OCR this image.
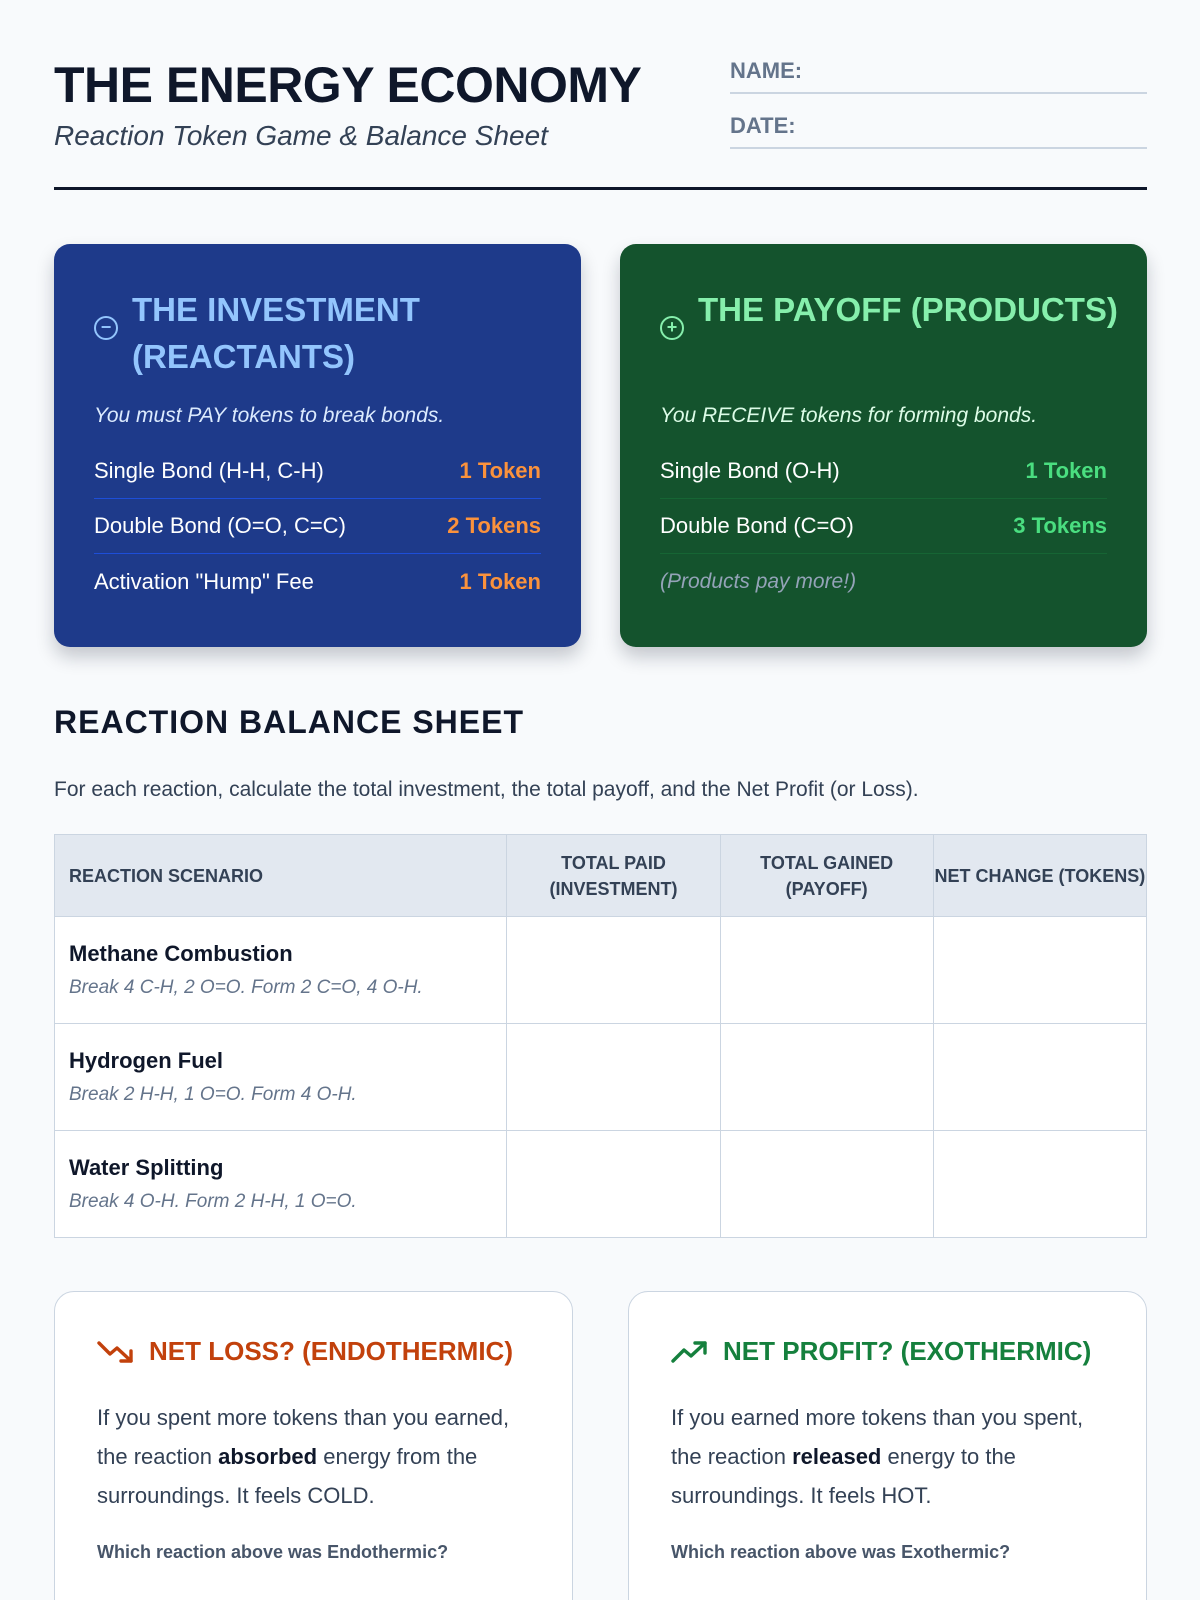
THE ENERGY ECONOMY
Reaction Token Game & Balance Sheet
NAME:
DATE:
− THE INVESTMENT (REACTANTS)
You must PAY tokens to break bonds.
Single Bond (H-H, C-H)	1 Token
Double Bond (O=O, C=C)	2 Tokens
Activation "Hump" Fee	1 Token
+ THE PAYOFF (PRODUCTS)
You RECEIVE tokens for forming bonds.
Single Bond (O-H)	1 Token
Double Bond (C=O)	3 Tokens
(Products pay more!)
REACTION BALANCE SHEET
For each reaction, calculate the total investment, the total payoff, and the Net Profit (or Loss).
REACTION SCENARIO	TOTAL PAID (INVESTMENT)	TOTAL GAINED (PAYOFF)	NET CHANGE (TOKENS)

Methane Combustion
Break 4 C-H, 2 O=O. Form 2 C=O, 4 O-H.			

Hydrogen Fuel
Break 2 H-H, 1 O=O. Form 4 O-H.			

Water Splitting
Break 4 O-H. Form 2 H-H, 1 O=O.			

NET LOSS? (ENDOTHERMIC)
If you spent more tokens than you earned, the reaction absorbed energy from the surroundings. It feels COLD.
Which reaction above was Endothermic?
NET PROFIT? (EXOTHERMIC)
If you earned more tokens than you spent, the reaction released energy to the surroundings. It feels HOT.
Which reaction above was Exothermic?
